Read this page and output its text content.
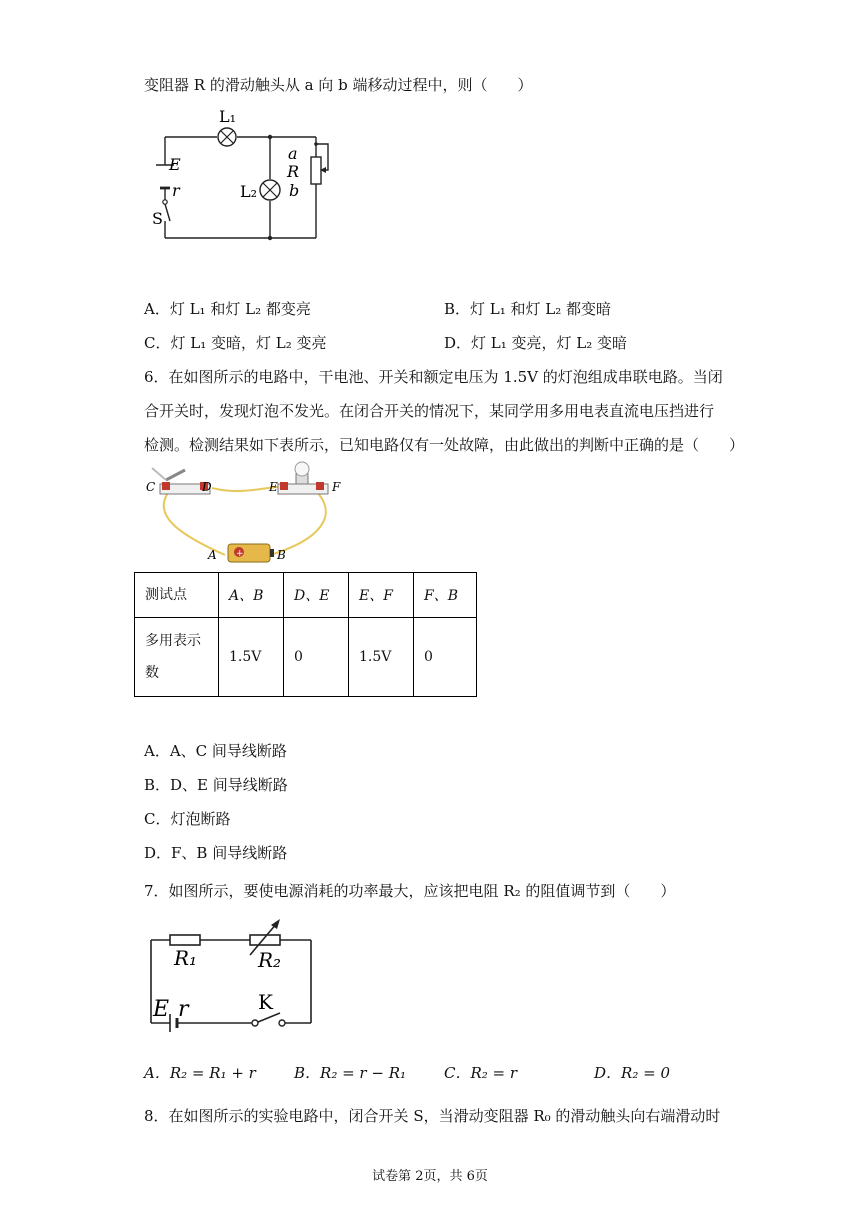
变阻器 R 的滑动触头从 a 向 b 端移动过程中，则（　　）
L₁
E
r
S
L₂
a
R
b
A．灯 L₁ 和灯 L₂ 都变亮	B．灯 L₁ 和灯 L₂ 都变暗
C．灯 L₁ 变暗，灯 L₂ 变亮	D．灯 L₁ 变亮，灯 L₂ 变暗
6．在如图所示的电路中，干电池、开关和额定电压为 1.5V 的灯泡组成串联电路。当闭
合开关时，发现灯泡不发光。在闭合开关的情况下，某同学用多用电表直流电压挡进行
检测。检测结果如下表所示，已知电路仅有一处故障，由此做出的判断中正确的是（　　）
+
C	D	E	F
A	B
测试点	A、B	D、E	E、F	F、B
多用表示数	1.5V	0	1.5V	0
A．A、C 间导线断路
B．D、E 间导线断路
C．灯泡断路
D．F、B 间导线断路
7．如图所示，要使电源消耗的功率最大，应该把电阻 R₂ 的阻值调节到（　　）
R₁	R₂
E r	K
A．R₂ = R₁ + r	B．R₂ = r − R₁	C．R₂ = r	D．R₂ = 0
8．在如图所示的实验电路中，闭合开关 S，当滑动变阻器 R₀ 的滑动触头向右端滑动时
试卷第 2页，共 6页
